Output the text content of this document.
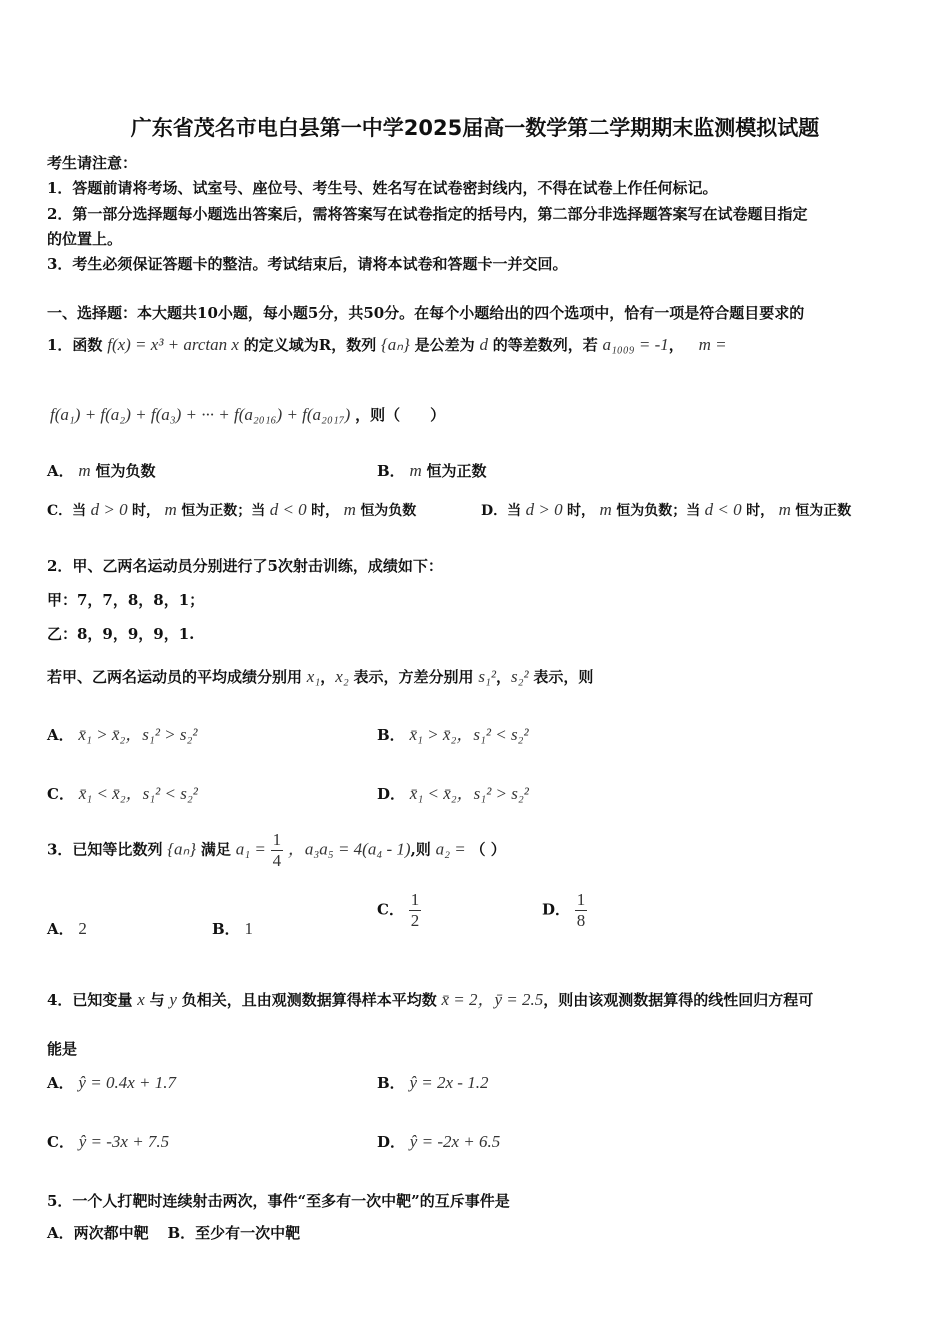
广东省茂名市电白县第一中学2025届高一数学第二学期期末监测模拟试题
考生请注意：
1．答题前请将考场、试室号、座位号、考生号、姓名写在试卷密封线内，不得在试卷上作任何标记。
2．第一部分选择题每小题选出答案后，需将答案写在试卷指定的括号内，第二部分非选择题答案写在试卷题目指定
的位置上。
3．考生必须保证答题卡的整洁。考试结束后，请将本试卷和答题卡一并交回。
一、选择题：本大题共10小题，每小题5分，共50分。在每个小题给出的四个选项中，恰有一项是符合题目要求的
1．函数 f(x) = x³ + arctan x 的定义域为R，数列 {aₙ} 是公差为 d 的等差数列，若 a₁₀₀₉ = -1， m =
f(a₁) + f(a₂) + f(a₃) + ··· + f(a₂₀₁₆) + f(a₂₀₁₇) ，则（　　）
A． m 恒为负数	B． m 恒为正数
C．当 d > 0 时， m 恒为正数；当 d < 0 时， m 恒为负数	D．当 d > 0 时， m 恒为负数；当 d < 0 时， m 恒为正数
2．甲、乙两名运动员分别进行了5次射击训练，成绩如下：
甲：7，7，8，8，1；
乙：8，9，9，9，1.
若甲、乙两名运动员的平均成绩分别用 x₁，x₂ 表示，方差分别用 s₁²，s₂² 表示，则
A． x̄₁ > x̄₂，s₁² > s₂²	B． x̄₁ > x̄₂，s₁² < s₂²
C． x̄₁ < x̄₂，s₁² < s₂²	D． x̄₁ < x̄₂，s₁² > s₂²
3．已知等比数列 {aₙ} 满足 $a_1 = \frac{1}{4}$ ，a₃a₅ = 4(a₄ - 1),则 a₂ = （ ）
A． 2	B． 1
C． $\frac{1}{2}$	D． $\frac{1}{8}$
4．已知变量 x 与 y 负相关，且由观测数据算得样本平均数 x̄ = 2，ȳ = 2.5，则由该观测数据算得的线性回归方程可
能是
A． ŷ = 0.4x + 1.7	B． ŷ = 2x - 1.2
C． ŷ = -3x + 7.5	D． ŷ = -2x + 6.5
5．一个人打靶时连续射击两次，事件“至多有一次中靶”的互斥事件是
A．两次都中靶 B．至少有一次中靶
